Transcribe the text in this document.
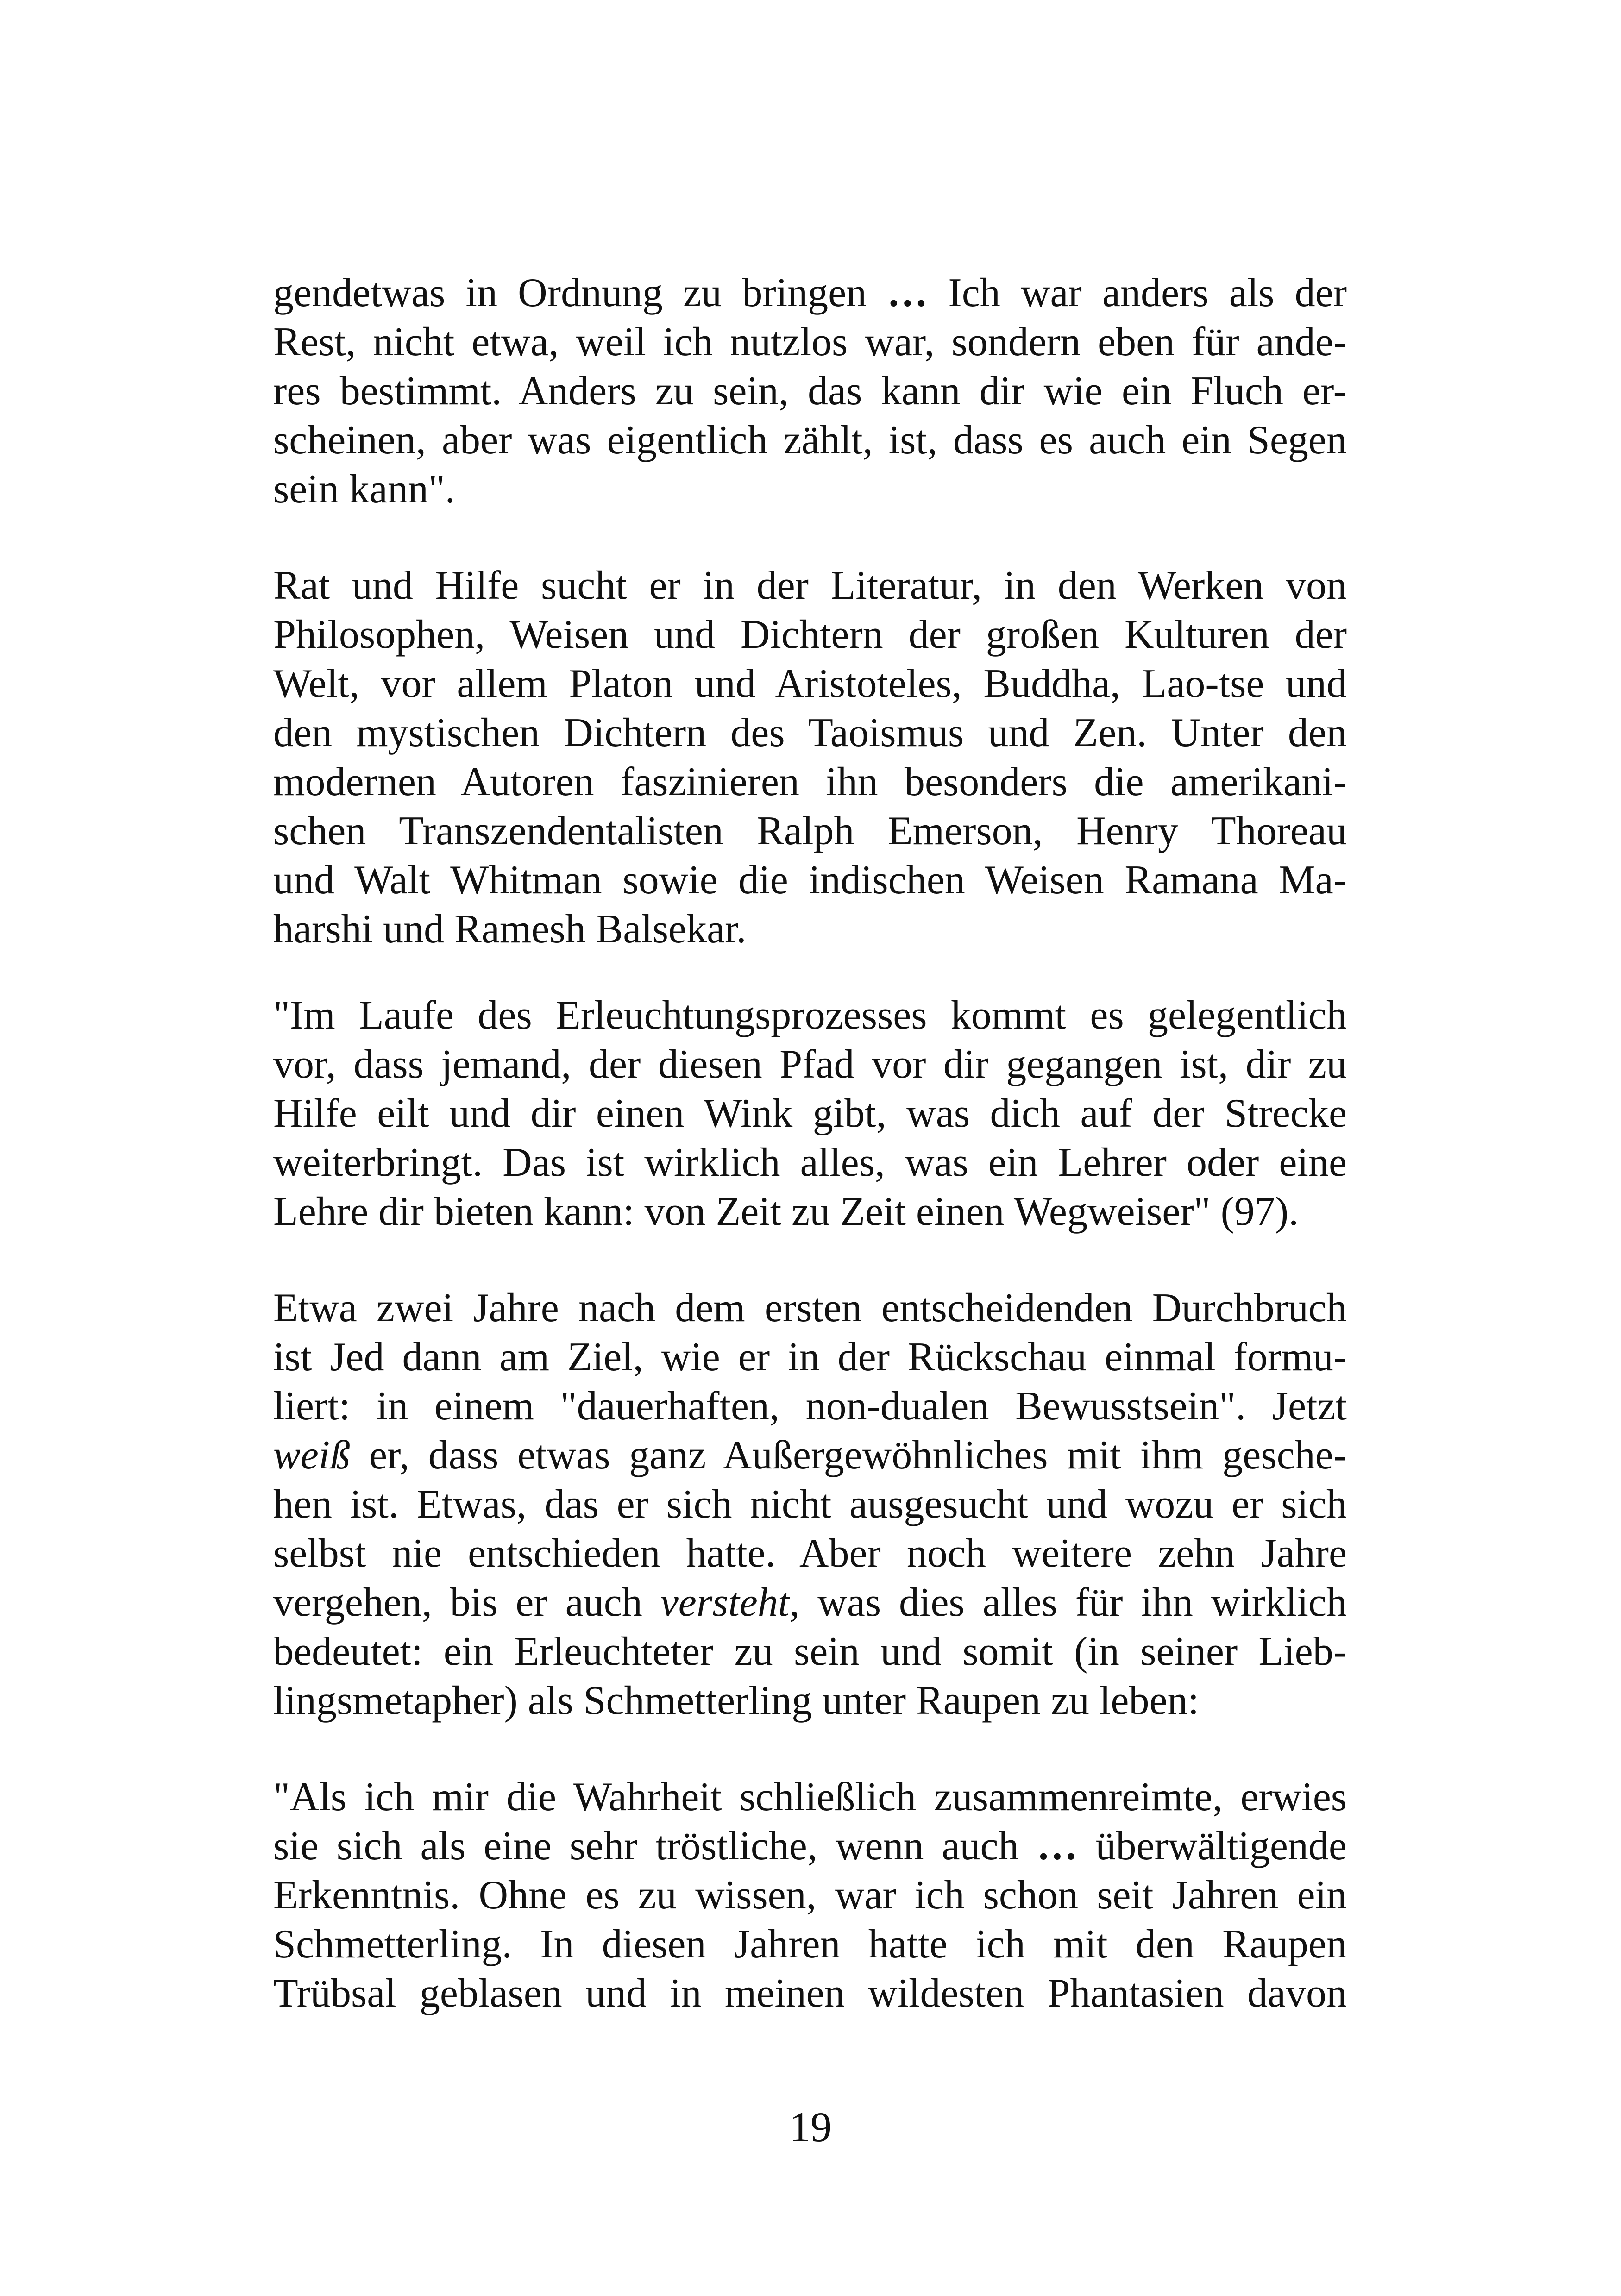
gendetwas in Ordnung zu bringen … Ich war anders als der
Rest, nicht etwa, weil ich nutzlos war, sondern eben für ande-
res bestimmt. Anders zu sein, das kann dir wie ein Fluch er-
scheinen, aber was eigentlich zählt, ist, dass es auch ein Segen
sein kann".
Rat und Hilfe sucht er in der Literatur, in den Werken von
Philosophen, Weisen und Dichtern der großen Kulturen der
Welt, vor allem Platon und Aristoteles, Buddha, Lao-tse und
den mystischen Dichtern des Taoismus und Zen. Unter den
modernen Autoren faszinieren ihn besonders die amerikani-
schen Transzendentalisten Ralph Emerson, Henry Thoreau
und Walt Whitman sowie die indischen Weisen Ramana Ma-
harshi und Ramesh Balsekar.
"Im Laufe des Erleuchtungsprozesses kommt es gelegentlich
vor, dass jemand, der diesen Pfad vor dir gegangen ist, dir zu
Hilfe eilt und dir einen Wink gibt, was dich auf der Strecke
weiterbringt. Das ist wirklich alles, was ein Lehrer oder eine
Lehre dir bieten kann: von Zeit zu Zeit einen Wegweiser" (97).
Etwa zwei Jahre nach dem ersten entscheidenden Durchbruch
ist Jed dann am Ziel, wie er in der Rückschau einmal formu-
liert: in einem "dauerhaften, non-dualen Bewusstsein". Jetzt
weiß er, dass etwas ganz Außergewöhnliches mit ihm gesche-
hen ist. Etwas, das er sich nicht ausgesucht und wozu er sich
selbst nie entschieden hatte. Aber noch weitere zehn Jahre
vergehen, bis er auch versteht, was dies alles für ihn wirklich
bedeutet: ein Erleuchteter zu sein und somit (in seiner Lieb-
lingsmetapher) als Schmetterling unter Raupen zu leben:
"Als ich mir die Wahrheit schließlich zusammenreimte, erwies
sie sich als eine sehr tröstliche, wenn auch … überwältigende
Erkenntnis. Ohne es zu wissen, war ich schon seit Jahren ein
Schmetterling. In diesen Jahren hatte ich mit den Raupen
Trübsal geblasen und in meinen wildesten Phantasien davon
19
